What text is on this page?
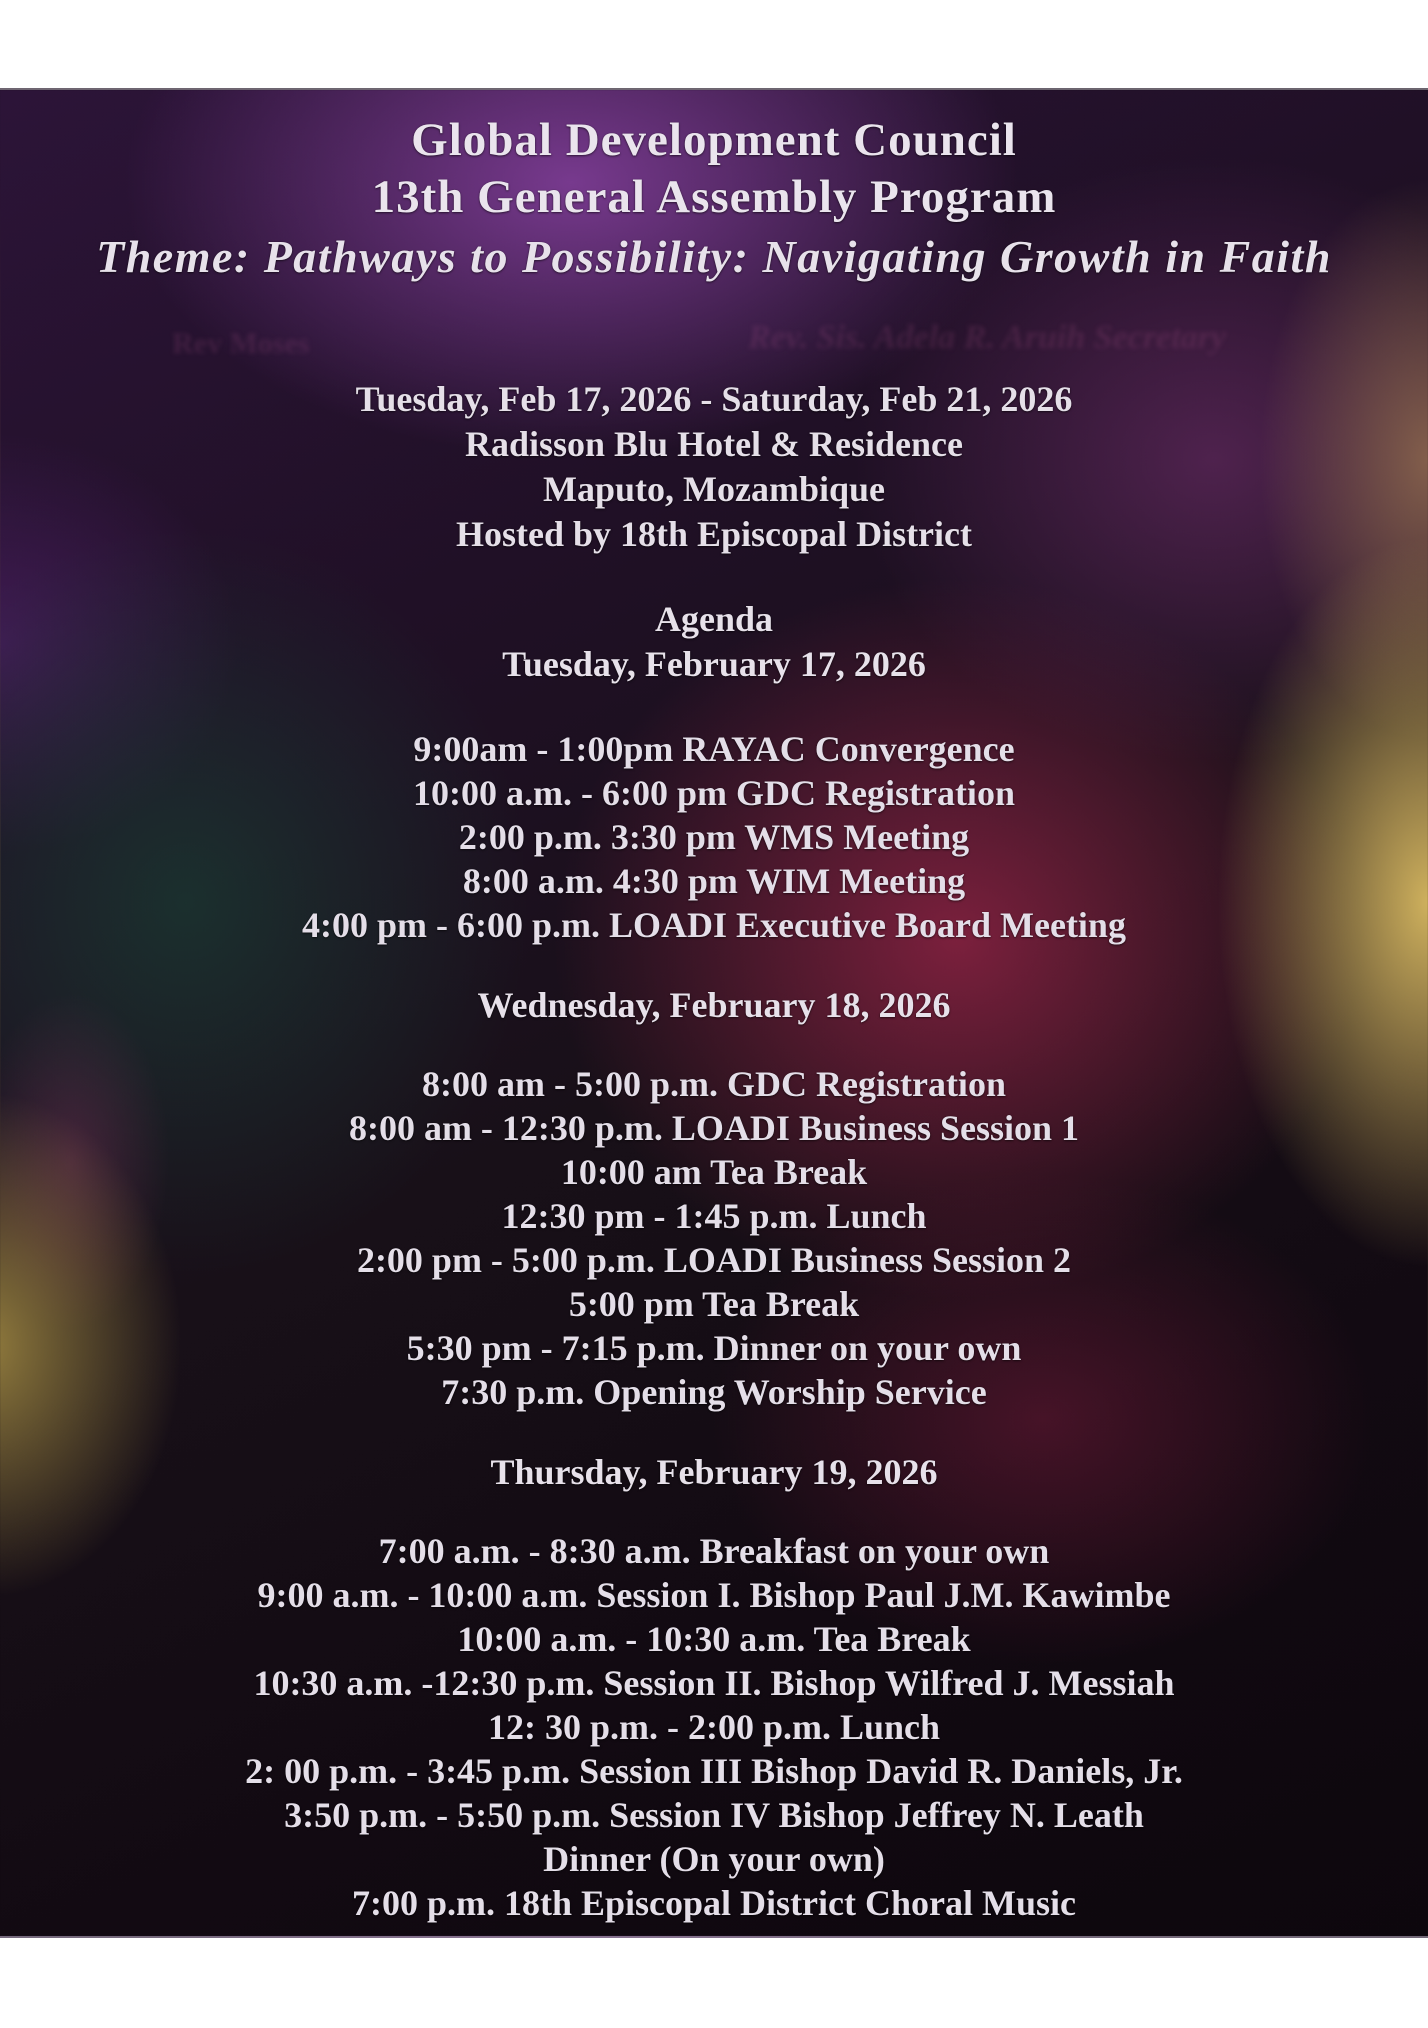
Global Development Council
13th General Assembly Program
Theme: Pathways to Possibility: Navigating Growth in Faith
Rev Moses	Rev. Sis. Adela R. Aruih Secretary
Tuesday, Feb 17, 2026 - Saturday, Feb 21, 2026
Radisson Blu Hotel & Residence
Maputo, Mozambique
Hosted by 18th Episcopal District
Agenda
Tuesday, February 17, 2026
9:00am - 1:00pm RAYAC Convergence
10:00 a.m. - 6:00 pm GDC Registration
2:00 p.m. 3:30 pm WMS Meeting
8:00 a.m. 4:30 pm WIM Meeting
4:00 pm - 6:00 p.m. LOADI Executive Board Meeting
Wednesday, February 18, 2026
8:00 am - 5:00 p.m. GDC Registration
8:00 am - 12:30 p.m. LOADI Business Session 1
10:00 am Tea Break
12:30 pm - 1:45 p.m. Lunch
2:00 pm - 5:00 p.m. LOADI Business Session 2
5:00 pm Tea Break
5:30 pm - 7:15 p.m. Dinner on your own
7:30 p.m. Opening Worship Service
Thursday, February 19, 2026
7:00 a.m. - 8:30 a.m. Breakfast on your own
9:00 a.m. - 10:00 a.m. Session I. Bishop Paul J.M. Kawimbe
10:00 a.m. - 10:30 a.m. Tea Break
10:30 a.m. -12:30 p.m. Session II. Bishop Wilfred J. Messiah
12: 30 p.m. - 2:00 p.m. Lunch
2: 00 p.m. - 3:45 p.m. Session III Bishop David R. Daniels, Jr.
3:50 p.m. - 5:50 p.m. Session IV Bishop Jeffrey N. Leath
Dinner (On your own)
7:00 p.m. 18th Episcopal District Choral Music
